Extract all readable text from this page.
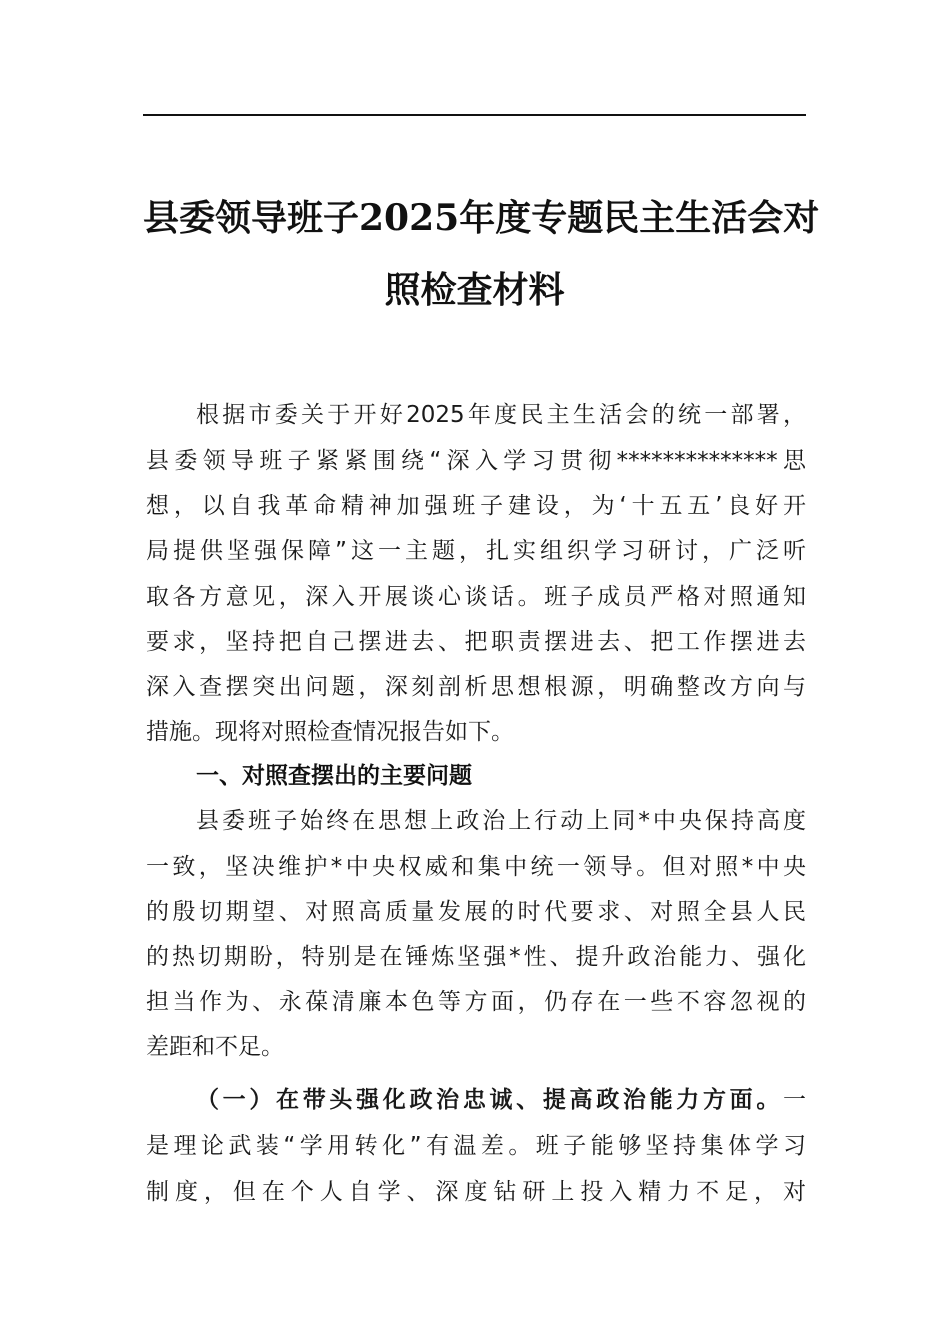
县委领导班子2025年度专题民主生活会对
照检查材料
根据市委关于开好2025年度民主生活会的统一部署，
县委领导班子紧紧围绕“深入学习贯彻**************思
想，以自我革命精神加强班子建设，为‘十五五’良好开
局提供坚强保障”这一主题，扎实组织学习研讨，广泛听
取各方意见，深入开展谈心谈话。班子成员严格对照通知
要求，坚持把自己摆进去、把职责摆进去、把工作摆进去
深入查摆突出问题，深刻剖析思想根源，明确整改方向与
措施。现将对照检查情况报告如下。
一、对照查摆出的主要问题
县委班子始终在思想上政治上行动上同*中央保持高度
一致，坚决维护*中央权威和集中统一领导。但对照*中央
的殷切期望、对照高质量发展的时代要求、对照全县人民
的热切期盼，特别是在锤炼坚强*性、提升政治能力、强化
担当作为、永葆清廉本色等方面，仍存在一些不容忽视的
差距和不足。
（一）在带头强化政治忠诚、提高政治能力方面。一
是理论武装“学用转化”有温差。班子能够坚持集体学习
制度，但在个人自学、深度钻研上投入精力不足，对
